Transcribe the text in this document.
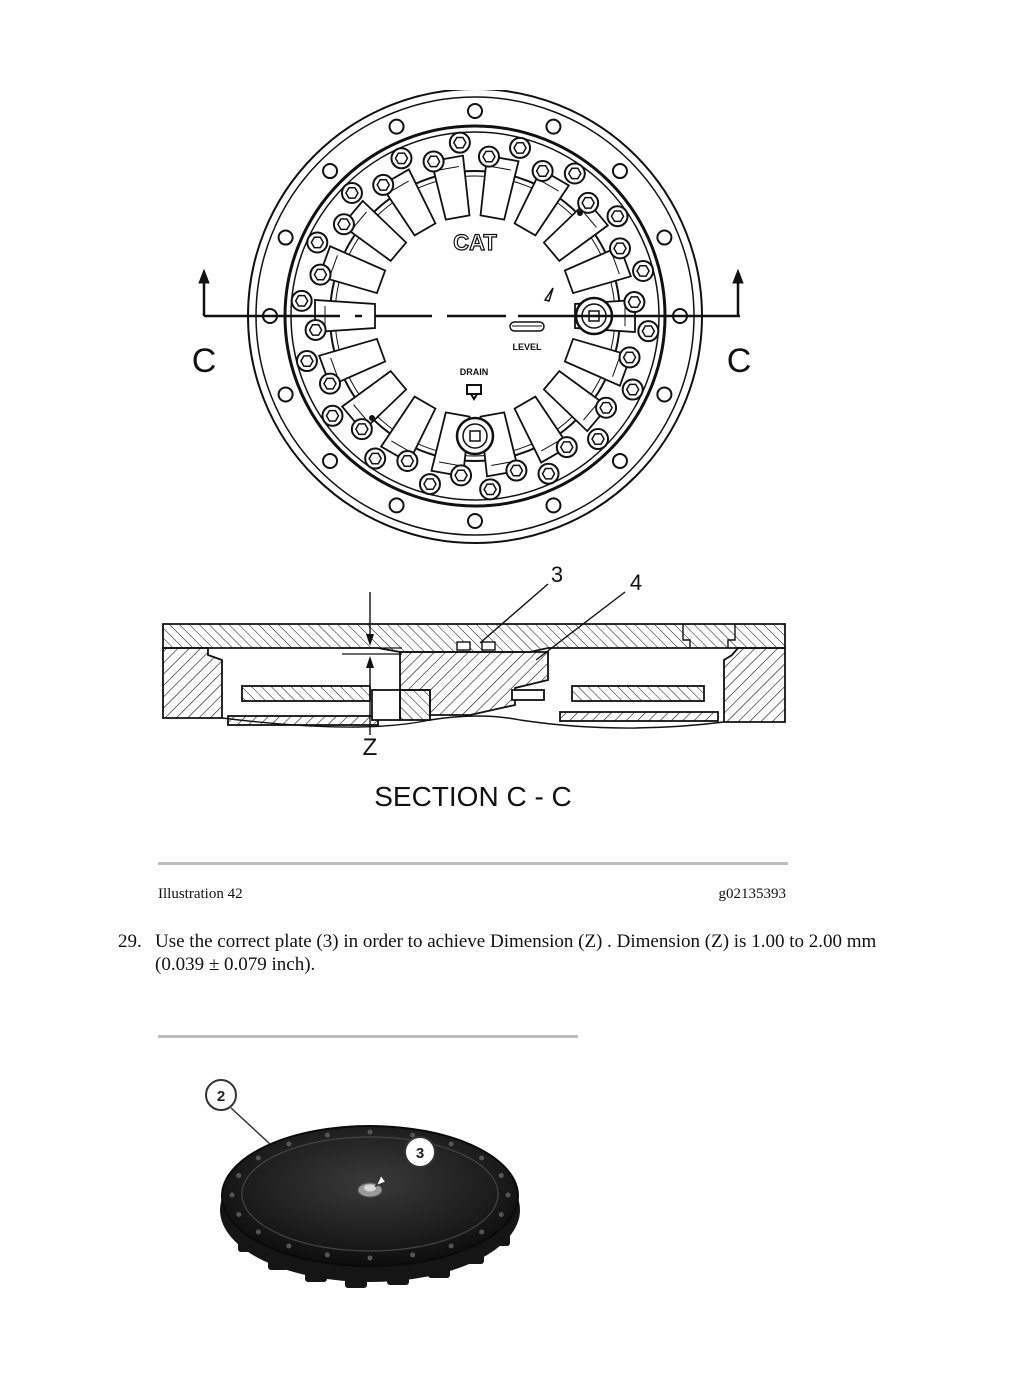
CAT
LEVEL
DRAIN
C	C
3	4
Z
SECTION C - C
Illustration 42	g02135393
29. Use the correct plate (3) in order to achieve Dimension (Z) . Dimension (Z) is 1.00 to 2.00 mm (0.039 ± 0.079 inch).
2
3
